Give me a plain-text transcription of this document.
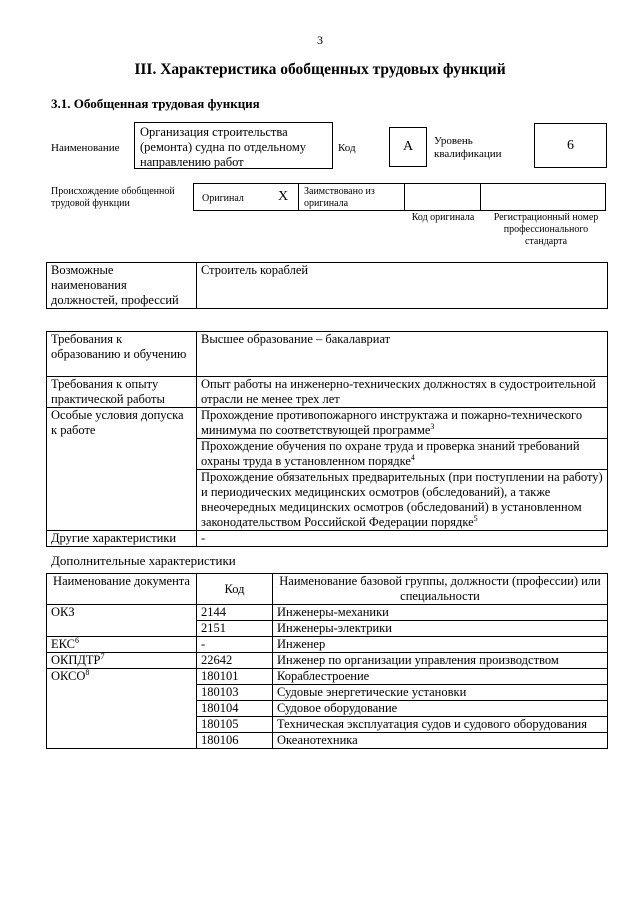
3
III. Характеристика обобщенных трудовых функций
3.1. Обобщенная трудовая функция
Наименование
Организация строительства (ремонта) судна по отдельному направлению работ
Код	А	Уровень квалификации
6
Происхождение обобщенной трудовой функции	Оригинал X Заимствовано из оригинала
Код оригинала	Регистрационный номер профессионального стандарта
Возможные наименования должностей, профессий	Строитель кораблей
Требования к образованию и обучению	Высшее образование – бакалавриат
Требования к опыту практической работы	Опыт работы на инженерно-технических должностях в судостроительной отрасли не менее трех лет
Особые условия допуска к работе	Прохождение противопожарного инструктажа и пожарно-технического минимума по соответствующей программе$^3$
	Прохождение обучения по охране труда и проверка знаний требований охраны труда в установленном порядке$^4$
	Прохождение обязательных предварительных (при поступлении на работу) и периодических медицинских осмотров (обследований), а также внеочередных медицинских осмотров (обследований) в установленном законодательством Российской Федерации порядке$^5$
Другие характеристики	-
Дополнительные характеристики
Наименование документа	Код	Наименование базовой группы, должности (профессии) или специальности
ОКЗ	2144	Инженеры-механики
	2151	Инженеры-электрики
ЕКС$^6$	-	Инженер
ОКПДТР$^7$	22642	Инженер по организации управления производством
ОКСО$^8$	180101	Кораблестроение
	180103	Судовые энергетические установки
	180104	Судовое оборудование
	180105	Техническая эксплуатация судов и судового оборудования
	180106	Океанотехника
